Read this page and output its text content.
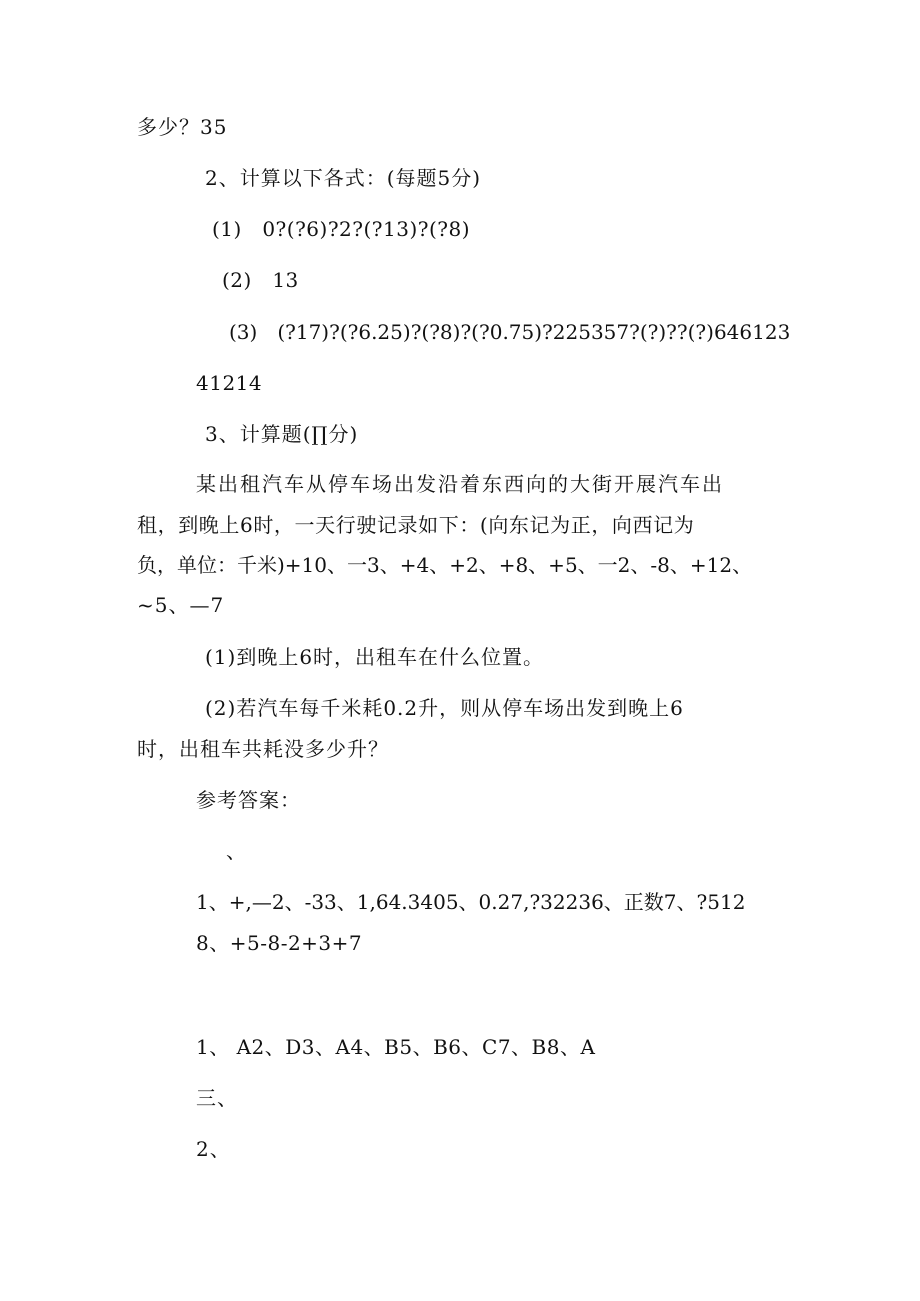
多少？35
2、计算以下各式：(每题5分)
(1)　0?(?6)?2?(?13)?(?8)
(2)　13
(3)　(?17)?(?6.25)?(?8)?(?0.75)?225357?(?)??(?)646123
41214
3、计算题(∏分)
某出租汽车从停车场出发沿着东西向的大街开展汽车出
租，到晚上6时，一天行驶记录如下：(向东记为正，向西记为
负，单位：千米)+10、一3、+4、+2、+8、+5、一2、-8、+12、
~5、—7
(1)到晚上6时，出租车在什么位置。
(2)若汽车每千米耗0.2升，则从停车场出发到晚上6
时，出租车共耗没多少升？
参考答案：
、
1、+,—2、-33、1,64.3405、0.27,?32236、正数7、?512
8、+5-8-2+3+7
1、 A2、D3、A4、B5、B6、C7、B8、A
三、
2、
